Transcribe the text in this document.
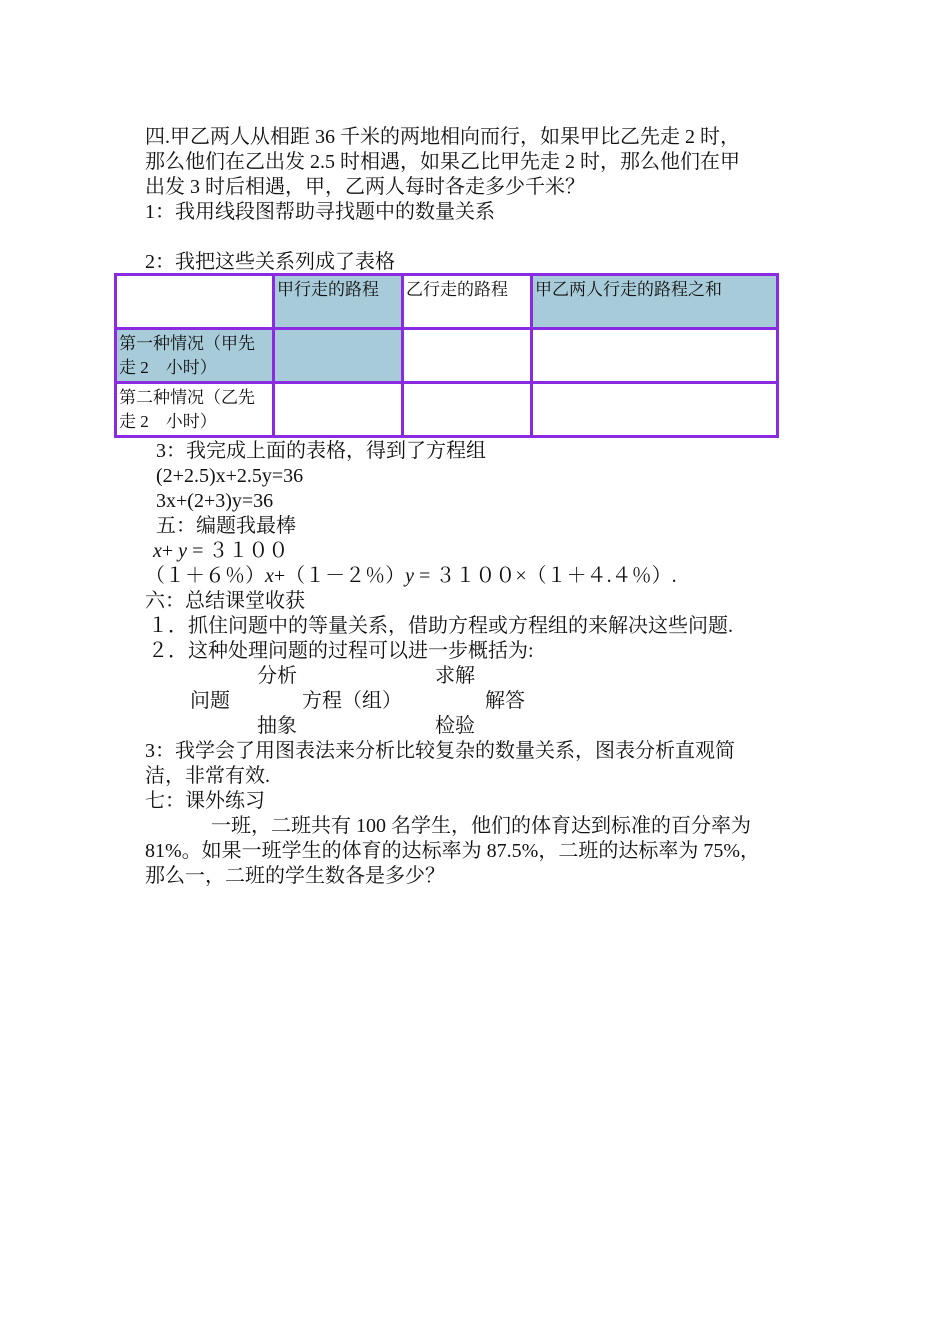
四.甲乙两人从相距 36 千米的两地相向而行，如果甲比乙先走 2 时，
那么他们在乙出发 2.5 时相遇，如果乙比甲先走 2 时，那么他们在甲
出发 3 时后相遇，甲，乙两人每时各走多少千米？
1：我用线段图帮助寻找题中的数量关系
2：我把这些关系列成了表格
	甲行走的路程	乙行走的路程	甲乙两人行走的路程之和

第一种情况（甲先
走 2　小时）			

第二种情况（乙先
走 2　小时）			

3：我完成上面的表格，得到了方程组
(2+2.5)x+2.5y=36
3x+(2+3)y=36
五：编题我最棒
x+ y = ３１００
（１＋６％）x+（１－２％）y = ３１００×（１＋４.４％）.
六：总结课堂收获
１．抓住问题中的等量关系，借助方程或方程组的来解决这些问题.
２．这种处理问题的过程可以进一步概括为:
分析	求解
问题	方程（组）	解答
抽象	检验
3：我学会了用图表法来分析比较复杂的数量关系，图表分析直观简
洁，非常有效.
七：课外练习
一班，二班共有 100 名学生，他们的体育达到标准的百分率为
81%。如果一班学生的体育的达标率为 87.5%，二班的达标率为 75%，
那么一，二班的学生数各是多少？
